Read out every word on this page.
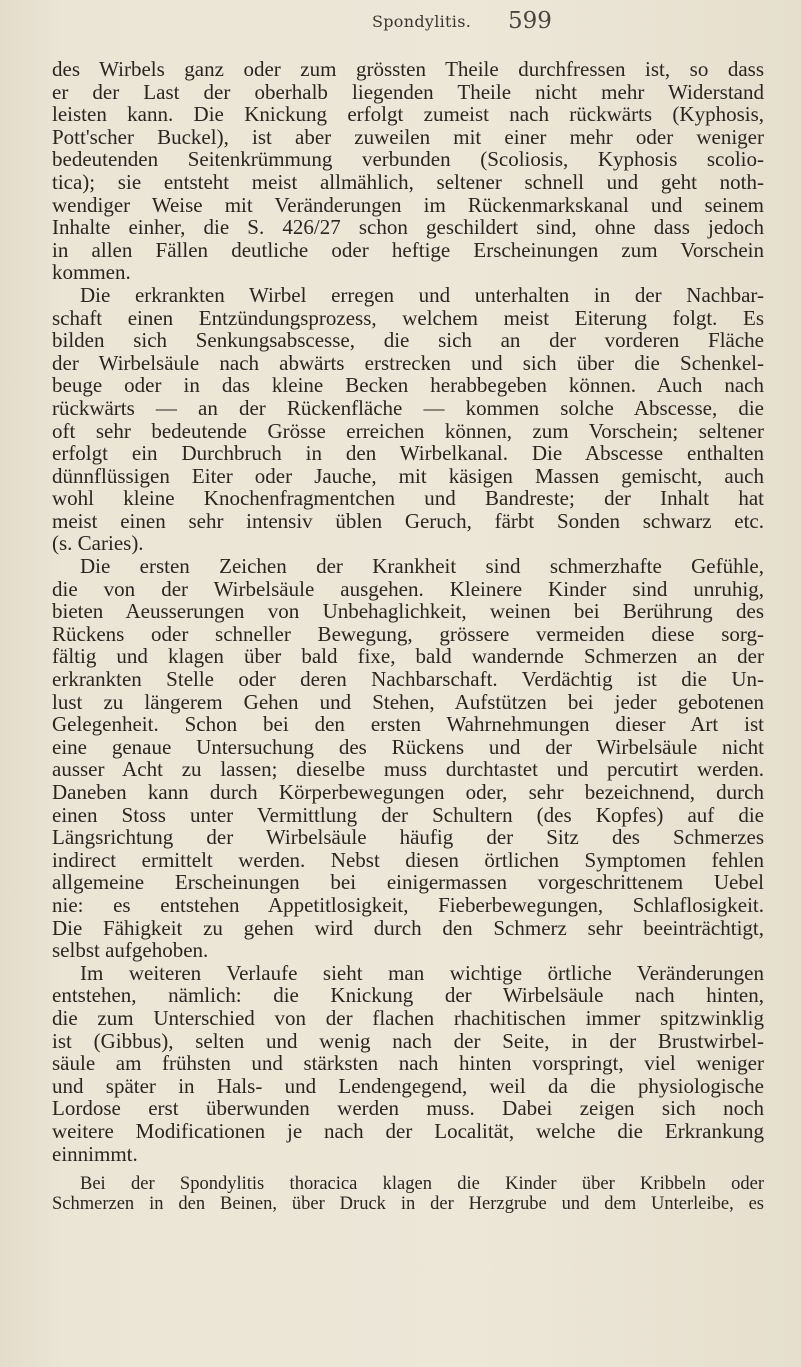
Spondylitis. 599
des Wirbels ganz oder zum grössten Theile durchfressen ist, so dass
er der Last der oberhalb liegenden Theile nicht mehr Widerstand
leisten kann. Die Knickung erfolgt zumeist nach rückwärts (Kyphosis,
Pott'scher Buckel), ist aber zuweilen mit einer mehr oder weniger
bedeutenden Seitenkrümmung verbunden (Scoliosis, Kyphosis scolio-
tica); sie entsteht meist allmählich, seltener schnell und geht noth-
wendiger Weise mit Veränderungen im Rückenmarkskanal und seinem
Inhalte einher, die S. 426/27 schon geschildert sind, ohne dass jedoch
in allen Fällen deutliche oder heftige Erscheinungen zum Vorschein
kommen.
Die erkrankten Wirbel erregen und unterhalten in der Nachbar-
schaft einen Entzündungsprozess, welchem meist Eiterung folgt. Es
bilden sich Senkungsabscesse, die sich an der vorderen Fläche
der Wirbelsäule nach abwärts erstrecken und sich über die Schenkel-
beuge oder in das kleine Becken herabbegeben können. Auch nach
rückwärts — an der Rückenfläche — kommen solche Abscesse, die
oft sehr bedeutende Grösse erreichen können, zum Vorschein; seltener
erfolgt ein Durchbruch in den Wirbelkanal. Die Abscesse enthalten
dünnflüssigen Eiter oder Jauche, mit käsigen Massen gemischt, auch
wohl kleine Knochenfragmentchen und Bandreste; der Inhalt hat
meist einen sehr intensiv üblen Geruch, färbt Sonden schwarz etc.
(s. Caries).
Die ersten Zeichen der Krankheit sind schmerzhafte Gefühle,
die von der Wirbelsäule ausgehen. Kleinere Kinder sind unruhig,
bieten Aeusserungen von Unbehaglichkeit, weinen bei Berührung des
Rückens oder schneller Bewegung, grössere vermeiden diese sorg-
fältig und klagen über bald fixe, bald wandernde Schmerzen an der
erkrankten Stelle oder deren Nachbarschaft. Verdächtig ist die Un-
lust zu längerem Gehen und Stehen, Aufstützen bei jeder gebotenen
Gelegenheit. Schon bei den ersten Wahrnehmungen dieser Art ist
eine genaue Untersuchung des Rückens und der Wirbelsäule nicht
ausser Acht zu lassen; dieselbe muss durchtastet und percutirt werden.
Daneben kann durch Körperbewegungen oder, sehr bezeichnend, durch
einen Stoss unter Vermittlung der Schultern (des Kopfes) auf die
Längsrichtung der Wirbelsäule häufig der Sitz des Schmerzes
indirect ermittelt werden. Nebst diesen örtlichen Symptomen fehlen
allgemeine Erscheinungen bei einigermassen vorgeschrittenem Uebel
nie: es entstehen Appetitlosigkeit, Fieberbewegungen, Schlaflosigkeit.
Die Fähigkeit zu gehen wird durch den Schmerz sehr beeinträchtigt,
selbst aufgehoben.
Im weiteren Verlaufe sieht man wichtige örtliche Veränderungen
entstehen, nämlich: die Knickung der Wirbelsäule nach hinten,
die zum Unterschied von der flachen rhachitischen immer spitzwinklig
ist (Gibbus), selten und wenig nach der Seite, in der Brustwirbel-
säule am frühsten und stärksten nach hinten vorspringt, viel weniger
und später in Hals- und Lendengegend, weil da die physiologische
Lordose erst überwunden werden muss. Dabei zeigen sich noch
weitere Modificationen je nach der Localität, welche die Erkrankung
einnimmt.
Bei der Spondylitis thoracica klagen die Kinder über Kribbeln oder
Schmerzen in den Beinen, über Druck in der Herzgrube und dem Unterleibe, es
